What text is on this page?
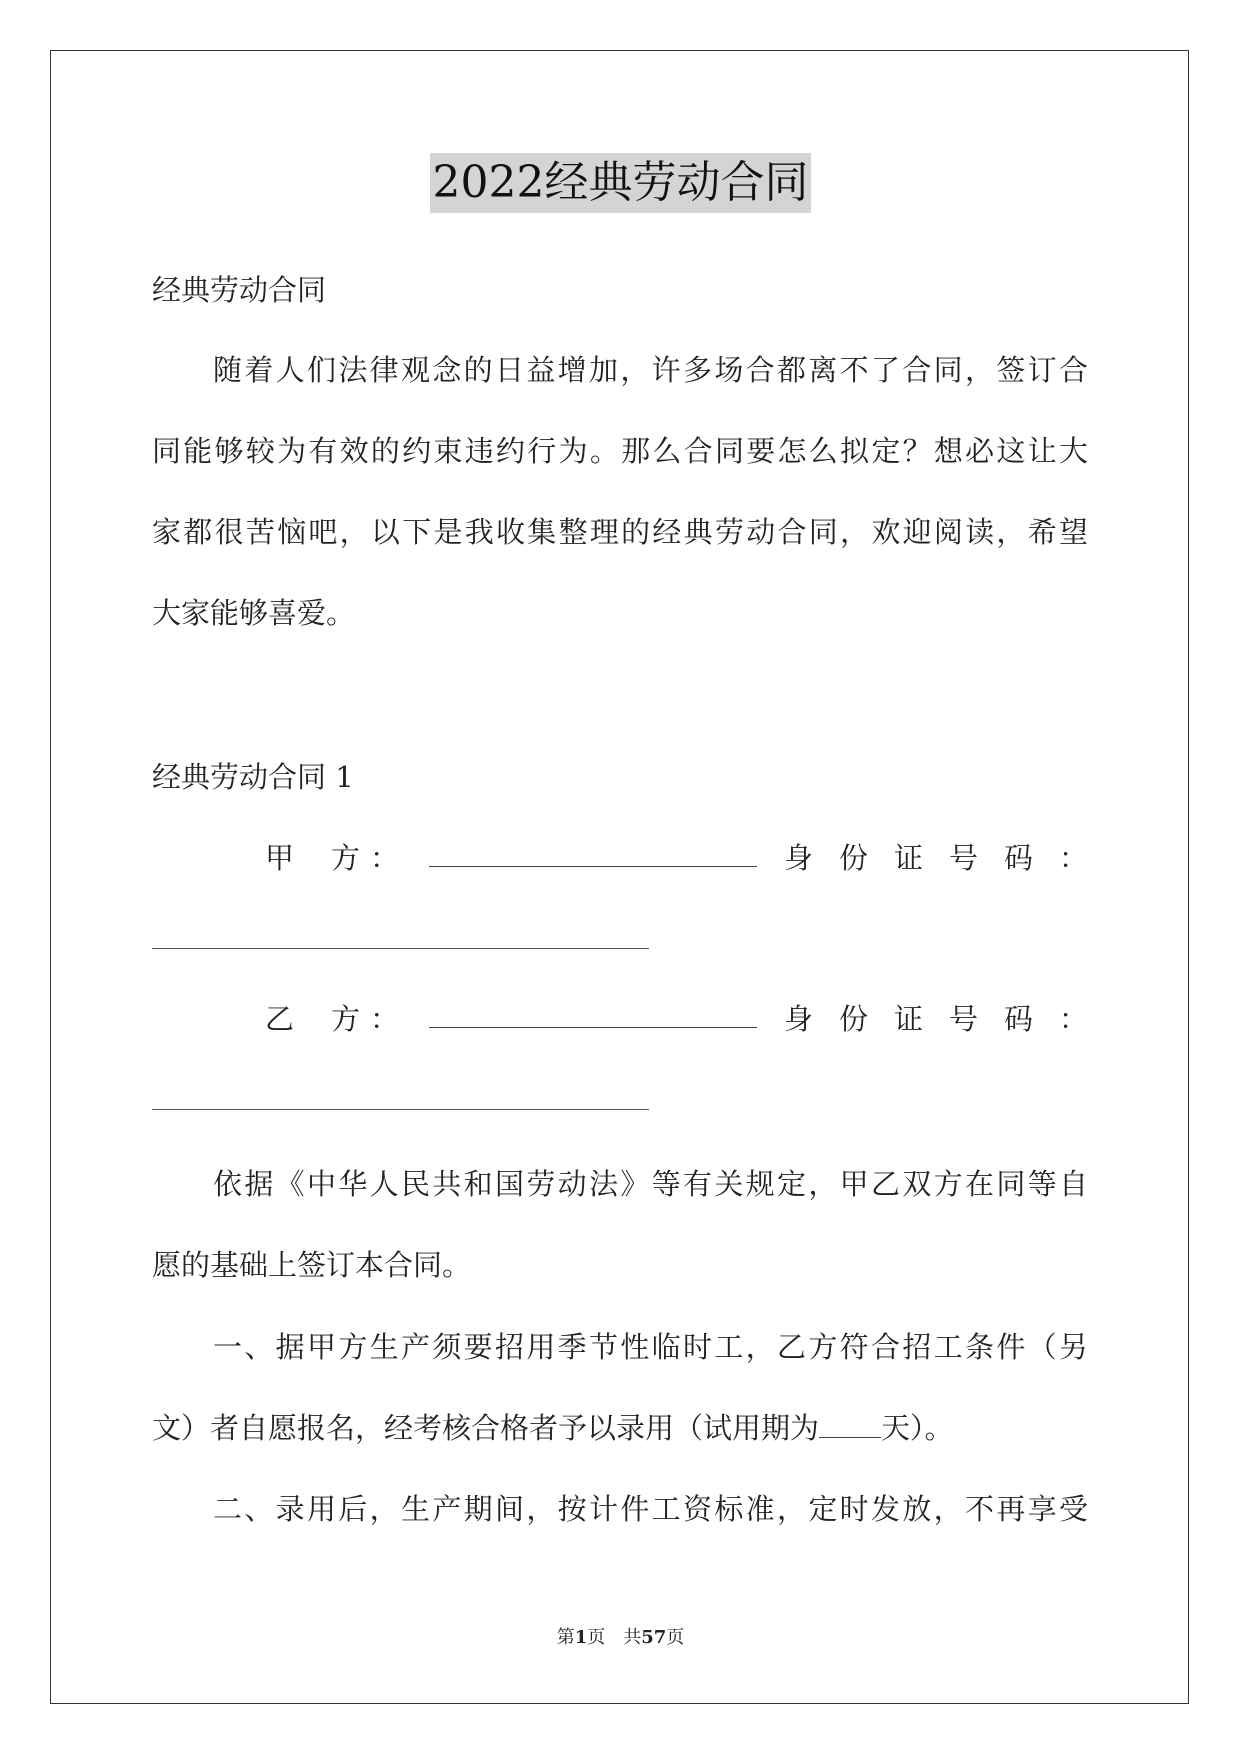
2022经典劳动合同
经典劳动合同
随着人们法律观念的日益增加，许多场合都离不了合同，签订合
同能够较为有效的约束违约行为。那么合同要怎么拟定？想必这让大
家都很苦恼吧，以下是我收集整理的经典劳动合同，欢迎阅读，希望
大家能够喜爱。
经典劳动合同 1
甲 方 ：	身 份 证 号 码 ：
乙 方 ：	身 份 证 号 码 ：
依据《中华人民共和国劳动法》等有关规定，甲乙双方在同等自
愿的基础上签订本合同。
一、据甲方生产须要招用季节性临时工，乙方符合招工条件（另
文）者自愿报名，经考核合格者予以录用（试用期为 天）。
二、录用后，生产期间，按计件工资标准，定时发放，不再享受
第1页　共57页
